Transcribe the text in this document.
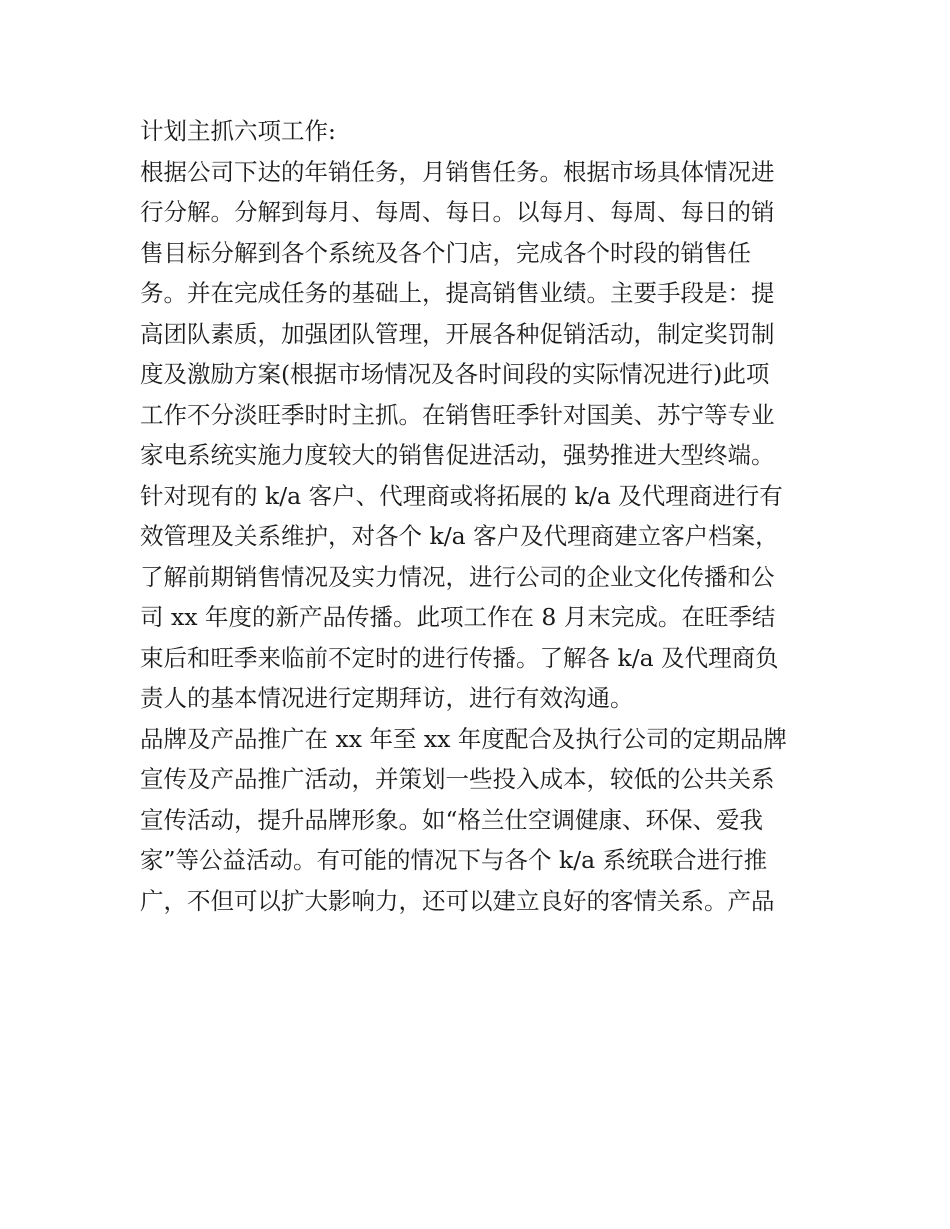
计划主抓六项工作:
根据公司下达的年销任务，月销售任务。根据市场具体情况进
行分解。分解到每月、每周、每日。以每月、每周、每日的销
售目标分解到各个系统及各个门店，完成各个时段的销售任
务。并在完成任务的基础上，提高销售业绩。主要手段是：提
高团队素质，加强团队管理，开展各种促销活动，制定奖罚制
度及激励方案(根据市场情况及各时间段的实际情况进行)此项
工作不分淡旺季时时主抓。在销售旺季针对国美、苏宁等专业
家电系统实施力度较大的销售促进活动，强势推进大型终端。
针对现有的 k/a 客户、代理商或将拓展的 k/a 及代理商进行有
效管理及关系维护，对各个 k/a 客户及代理商建立客户档案，
了解前期销售情况及实力情况，进行公司的企业文化传播和公
司 xx 年度的新产品传播。此项工作在 8 月末完成。在旺季结
束后和旺季来临前不定时的进行传播。了解各 k/a 及代理商负
责人的基本情况进行定期拜访，进行有效沟通。
品牌及产品推广在 xx 年至 xx 年度配合及执行公司的定期品牌
宣传及产品推广活动，并策划一些投入成本，较低的公共关系
宣传活动，提升品牌形象。如“格兰仕空调健康、环保、爱我
家”等公益活动。有可能的情况下与各个 k/a 系统联合进行推
广，不但可以扩大影响力，还可以建立良好的客情关系。产品
